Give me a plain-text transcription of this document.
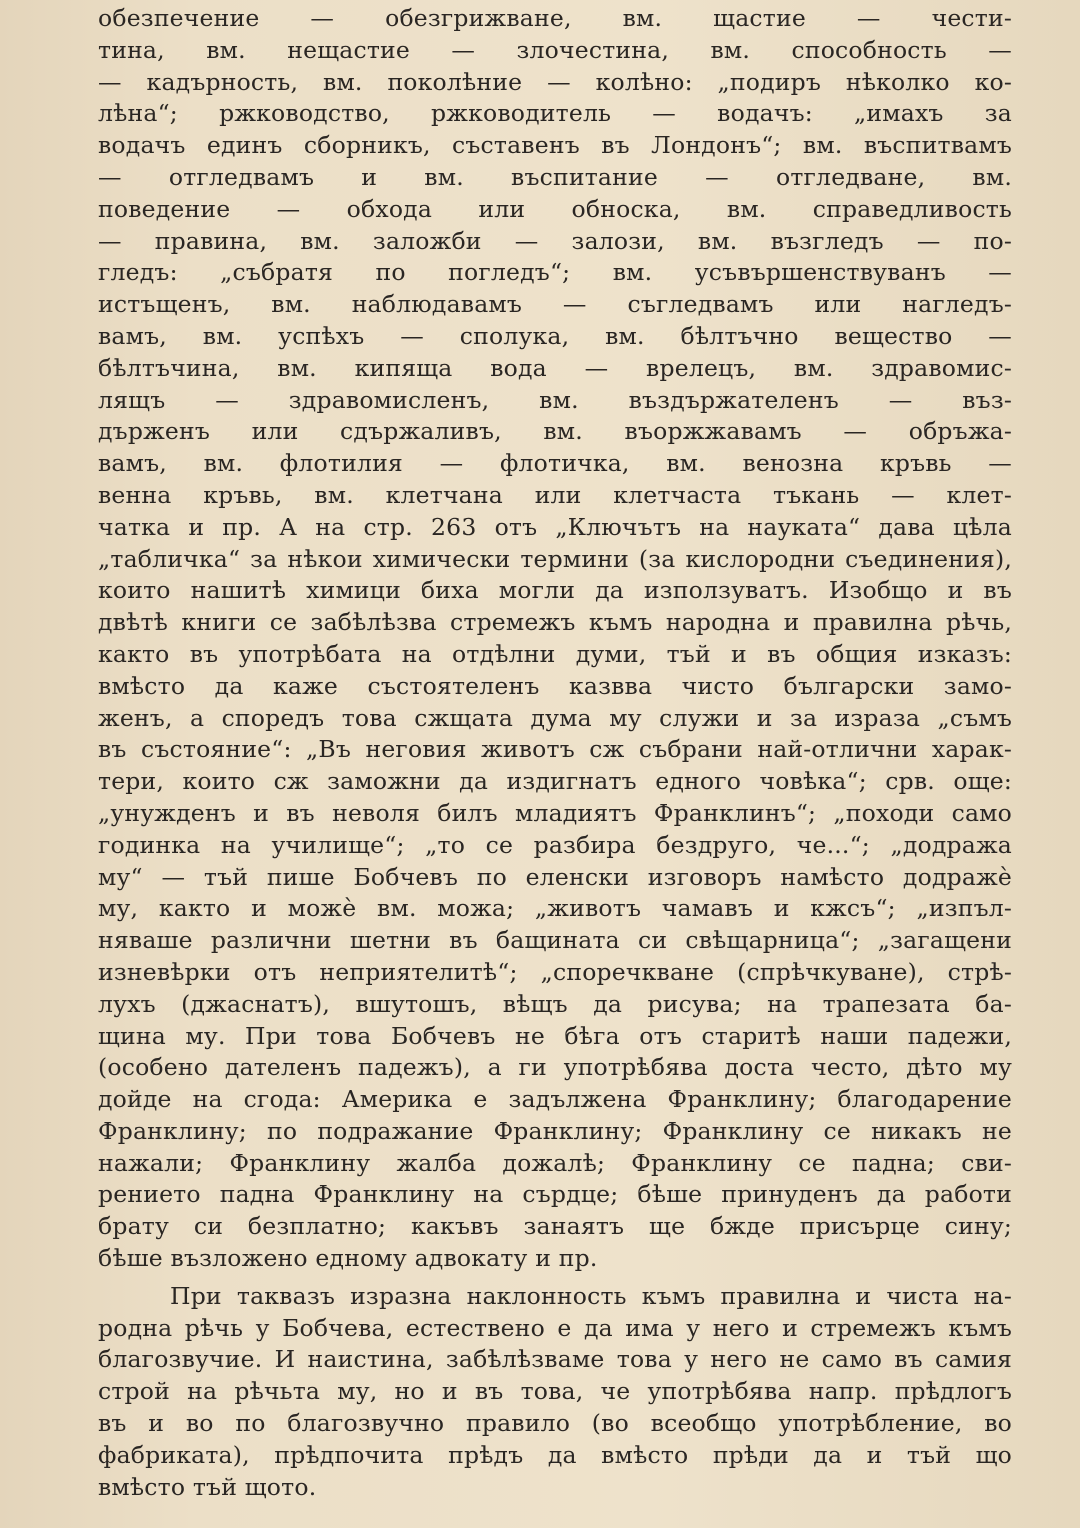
обезпечение — обезгрижване, вм. щастие — чести-
тина, вм. нещастие — злочестина, вм. способность —
— кадърность, вм. поколѣние — колѣно: „подиръ нѣколко ко-
лѣна“; ржководство, ржководитель — водачъ: „имахъ за
водачъ единъ сборникъ, съставенъ въ Лондонъ“; вм. въспитвамъ
— отгледвамъ и вм. въспитание — отгледване, вм.
поведение — обхода или обноска, вм. справедливость
— правина, вм. заложби — залози, вм. възгледъ — по-
гледъ: „събратя по погледъ“; вм. усъвършенствуванъ —
истъщенъ, вм. наблюдавамъ — съгледвамъ или нагледъ-
вамъ, вм. успѣхъ — сполука, вм. бѣлтъчно вещество —
бѣлтъчина, вм. кипяща вода — врелецъ, вм. здравомис-
лящъ — здравомисленъ, вм. въздържателенъ — въз-
държенъ или сдържаливъ, вм. въоржжавамъ — обръжа-
вамъ, вм. флотилия — флотичка, вм. венозна кръвь —
венна кръвь, вм. клетчана или клетчаста тъкань — клет-
чатка и пр. А на стр. 263 отъ „Ключътъ на науката“ дава цѣла
„табличка“ за нѣкои химически термини (за кислородни съединения),
които нашитѣ химици биха могли да използуватъ. Изобщо и въ
двѣтѣ книги се забѣлѣзва стремежъ къмъ народна и правилна рѣчь,
както въ употрѣбата на отдѣлни думи, тъй и въ общия изказъ:
вмѣсто да каже състоятеленъ казвва чисто български замо-
женъ, а споредъ това сжщата дума му служи и за израза „съмъ
въ състояние“: „Въ неговия животъ сж събрани най-отлични харак-
тери, които сж заможни да издигнатъ едного човѣка“; срв. още:
„унужденъ и въ неволя билъ младиятъ Франклинъ“; „походи само
годинка на училище“; „то се разбира бездруго, че...“; „додража
му“ — тъй пише Бобчевъ по еленски изговоръ намѣсто додражè
му, както и можè вм. можа; „животъ чамавъ и кжсъ“; „изпъл-
няваше различни шетни въ бащината си свѣщарница“; „загащени
изневѣрки отъ неприятелитѣ“; „споречкване (спрѣчкуване), стрѣ-
лухъ (джаснатъ), вшутошъ, вѣщъ да рисува; на трапезата ба-
щина му. При това Бобчевъ не бѣга отъ старитѣ наши падежи,
(особено дателенъ падежъ), а ги употрѣбява доста често, дѣто му
дойде на сгода: Америка е задължена Франклину; благодарение
Франклину; по подражание Франклину; Франклину се никакъ не
нажали; Франклину жалба дожалѣ; Франклину се падна; сви-
рението падна Франклину на сърдце; бѣше принуденъ да работи
брату си безплатно; какъвъ занаятъ ще бжде присърце сину;
бѣше възложено едному адвокату и пр.
При таквазъ изразна наклонность къмъ правилна и чиста на-
родна рѣчь у Бобчева, естествено е да има у него и стремежъ къмъ
благозвучие. И наистина, забѣлѣзваме това у него не само въ самия
строй на рѣчьта му, но и въ това, че употрѣбява напр. прѣдлогъ
въ и во по благозвучно правило (во всеобщо употрѣбление, во
фабриката), прѣдпочита прѣдъ да вмѣсто прѣди да и тъй що
вмѣсто тъй щото.
